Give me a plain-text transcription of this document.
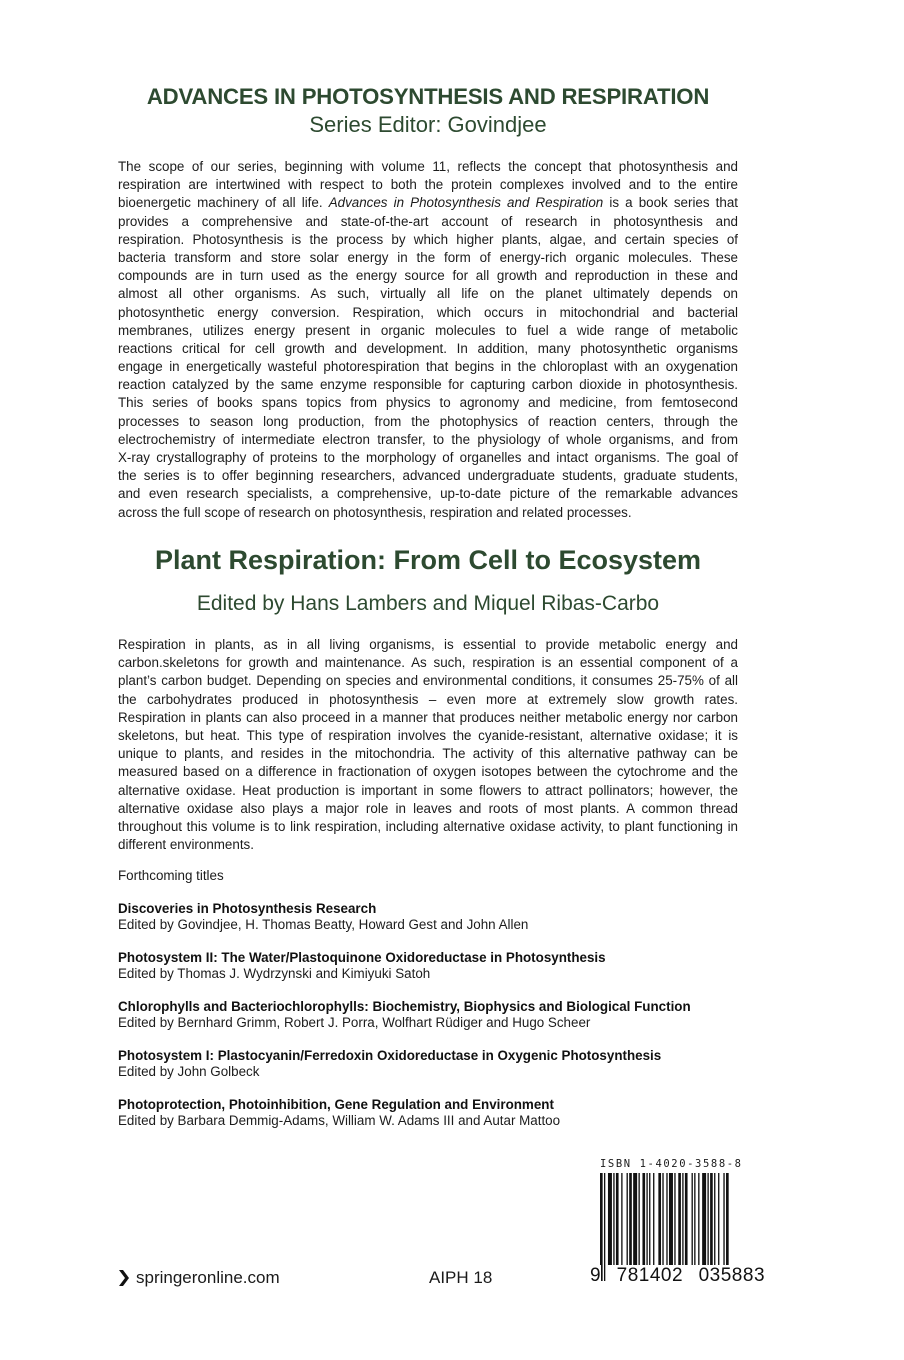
ADVANCES IN PHOTOSYNTHESIS AND RESPIRATION
Series Editor: Govindjee
The scope of our series, beginning with volume 11, reflects the concept that photosynthesis and
respiration are intertwined with respect to both the protein complexes involved and to the entire
bioenergetic machinery of all life. Advances in Photosynthesis and Respiration is a book series that
provides a comprehensive and state-of-the-art account of research in photosynthesis and
respiration. Photosynthesis is the process by which higher plants, algae, and certain species of
bacteria transform and store solar energy in the form of energy-rich organic molecules. These
compounds are in turn used as the energy source for all growth and reproduction in these and
almost all other organisms. As such, virtually all life on the planet ultimately depends on
photosynthetic energy conversion. Respiration, which occurs in mitochondrial and bacterial
membranes, utilizes energy present in organic molecules to fuel a wide range of metabolic
reactions critical for cell growth and development. In addition, many photosynthetic organisms
engage in energetically wasteful photorespiration that begins in the chloroplast with an oxygenation
reaction catalyzed by the same enzyme responsible for capturing carbon dioxide in photosynthesis.
This series of books spans topics from physics to agronomy and medicine, from femtosecond
processes to season long production, from the photophysics of reaction centers, through the
electrochemistry of intermediate electron transfer, to the physiology of whole organisms, and from
X-ray crystallography of proteins to the morphology of organelles and intact organisms. The goal of
the series is to offer beginning researchers, advanced undergraduate students, graduate students,
and even research specialists, a comprehensive, up-to-date picture of the remarkable advances
across the full scope of research on photosynthesis, respiration and related processes.
Plant Respiration: From Cell to Ecosystem
Edited by Hans Lambers and Miquel Ribas-Carbo
Respiration in plants, as in all living organisms, is essential to provide metabolic energy and
carbon.skeletons for growth and maintenance. As such, respiration is an essential component of a
plant’s carbon budget. Depending on species and environmental conditions, it consumes 25-75% of all
the carbohydrates produced in photosynthesis – even more at extremely slow growth rates.
Respiration in plants can also proceed in a manner that produces neither metabolic energy nor carbon
skeletons, but heat. This type of respiration involves the cyanide-resistant, alternative oxidase; it is
unique to plants, and resides in the mitochondria. The activity of this alternative pathway can be
measured based on a difference in fractionation of oxygen isotopes between the cytochrome and the
alternative oxidase. Heat production is important in some flowers to attract pollinators; however, the
alternative oxidase also plays a major role in leaves and roots of most plants. A common thread
throughout this volume is to link respiration, including alternative oxidase activity, to plant functioning in
different environments.
Forthcoming titles
Discoveries in Photosynthesis Research
Edited by Govindjee, H. Thomas Beatty, Howard Gest and John Allen
Photosystem II: The Water/Plastoquinone Oxidoreductase in Photosynthesis
Edited by Thomas J. Wydrzynski and Kimiyuki Satoh
Chlorophylls and Bacteriochlorophylls: Biochemistry, Biophysics and Biological Function
Edited by Bernhard Grimm, Robert J. Porra, Wolfhart Rüdiger and Hugo Scheer
Photosystem I: Plastocyanin/Ferredoxin Oxidoreductase in Oxygenic Photosynthesis
Edited by John Golbeck
Photoprotection, Photoinhibition, Gene Regulation and Environment
Edited by Barbara Demmig-Adams, William W. Adams III and Autar Mattoo
springeronline.com	AIPH 18
ISBN 1-4020-3588-8
9 781402 035883
